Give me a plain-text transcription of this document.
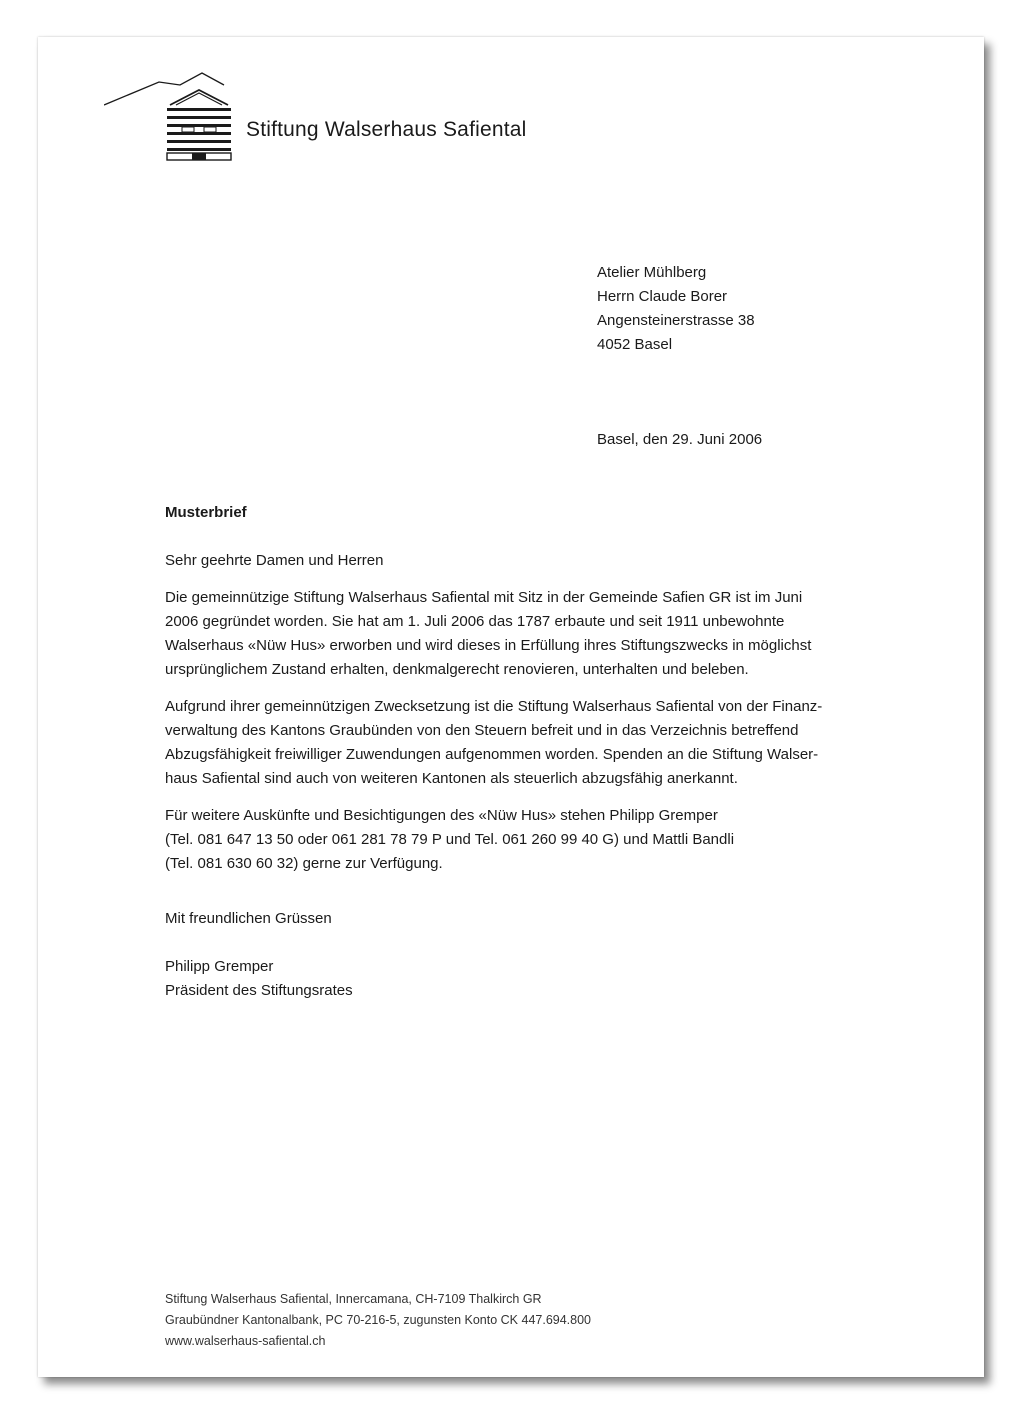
Stiftung Walserhaus Safiental
Atelier Mühlberg
Herrn Claude Borer
Angensteinerstrasse 38
4052 Basel
Basel, den 29. Juni 2006
Musterbrief

Sehr geehrte Damen und Herren

Die gemeinnützige Stiftung Walserhaus Safiental mit Sitz in der Gemeinde Safien GR ist im Juni
2006 gegründet worden. Sie hat am 1. Juli 2006 das 1787 erbaute und seit 1911 unbewohnte
Walserhaus «Nüw Hus» erworben und wird dieses in Erfüllung ihres Stiftungszwecks in möglichst
ursprünglichem Zustand erhalten, denkmalgerecht renovieren, unterhalten und beleben.

Aufgrund ihrer gemeinnützigen Zwecksetzung ist die Stiftung Walserhaus Safiental von der Finanz-
verwaltung des Kantons Graubünden von den Steuern befreit und in das Verzeichnis betreffend
Abzugsfähigkeit freiwilliger Zuwendungen aufgenommen worden. Spenden an die Stiftung Walser-
haus Safiental sind auch von weiteren Kantonen als steuerlich abzugsfähig anerkannt.

Für weitere Auskünfte und Besichtigungen des «Nüw Hus» stehen Philipp Gremper
(Tel. 081 647 13 50 oder 061 281 78 79 P und Tel. 061 260 99 40 G) und Mattli Bandli
(Tel. 081 630 60 32) gerne zur Verfügung.

Mit freundlichen Grüssen
Philipp Gremper
Präsident des Stiftungsrates
Stiftung Walserhaus Safiental, Innercamana, CH-7109 Thalkirch GR
Graubündner Kantonalbank, PC 70-216-5, zugunsten Konto CK 447.694.800
www.walserhaus-safiental.ch
